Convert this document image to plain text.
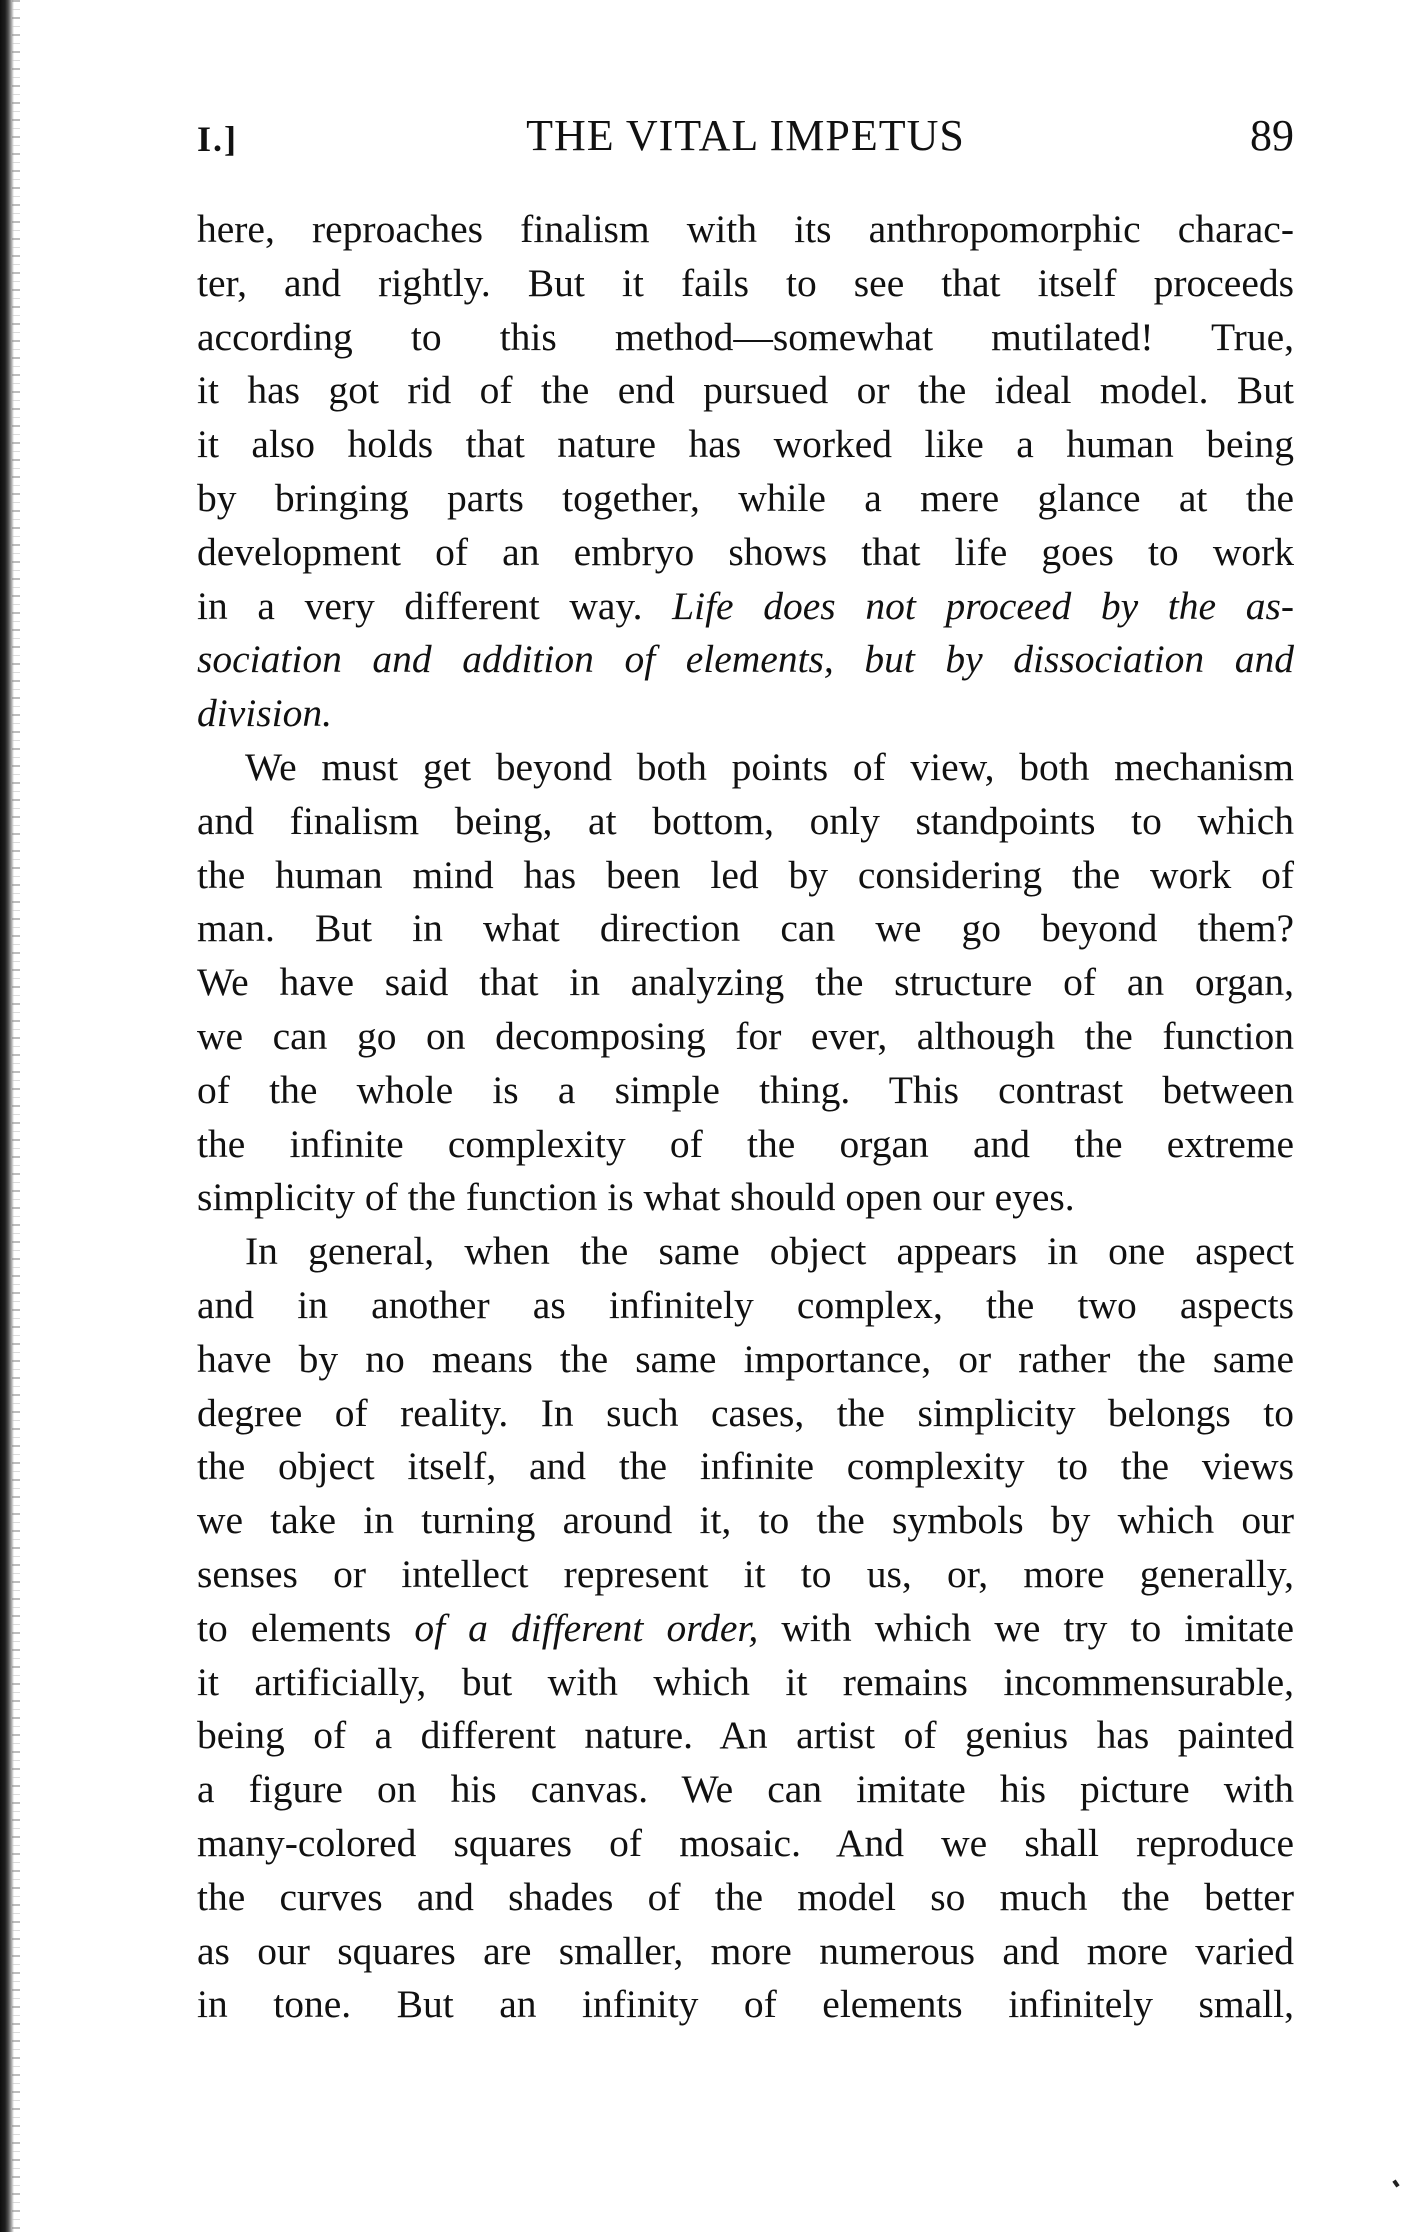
I.]	THE VITAL IMPETUS	89
here, reproaches finalism with its anthropomorphic charac-
ter, and rightly. But it fails to see that itself proceeds
according to this method—somewhat mutilated! True,
it has got rid of the end pursued or the ideal model. But
it also holds that nature has worked like a human being
by bringing parts together, while a mere glance at the
development of an embryo shows that life goes to work
in a very different way. Life does not proceed by the as-
sociation and addition of elements, but by dissociation and
division.
We must get beyond both points of view, both mechanism
and finalism being, at bottom, only standpoints to which
the human mind has been led by considering the work of
man. But in what direction can we go beyond them?
We have said that in analyzing the structure of an organ,
we can go on decomposing for ever, although the function
of the whole is a simple thing. This contrast between
the infinite complexity of the organ and the extreme
simplicity of the function is what should open our eyes.
In general, when the same object appears in one aspect
and in another as infinitely complex, the two aspects
have by no means the same importance, or rather the same
degree of reality. In such cases, the simplicity belongs to
the object itself, and the infinite complexity to the views
we take in turning around it, to the symbols by which our
senses or intellect represent it to us, or, more generally,
to elements of a different order, with which we try to imitate
it artificially, but with which it remains incommensurable,
being of a different nature. An artist of genius has painted
a figure on his canvas. We can imitate his picture with
many-colored squares of mosaic. And we shall reproduce
the curves and shades of the model so much the better
as our squares are smaller, more numerous and more varied
in tone. But an infinity of elements infinitely small,
